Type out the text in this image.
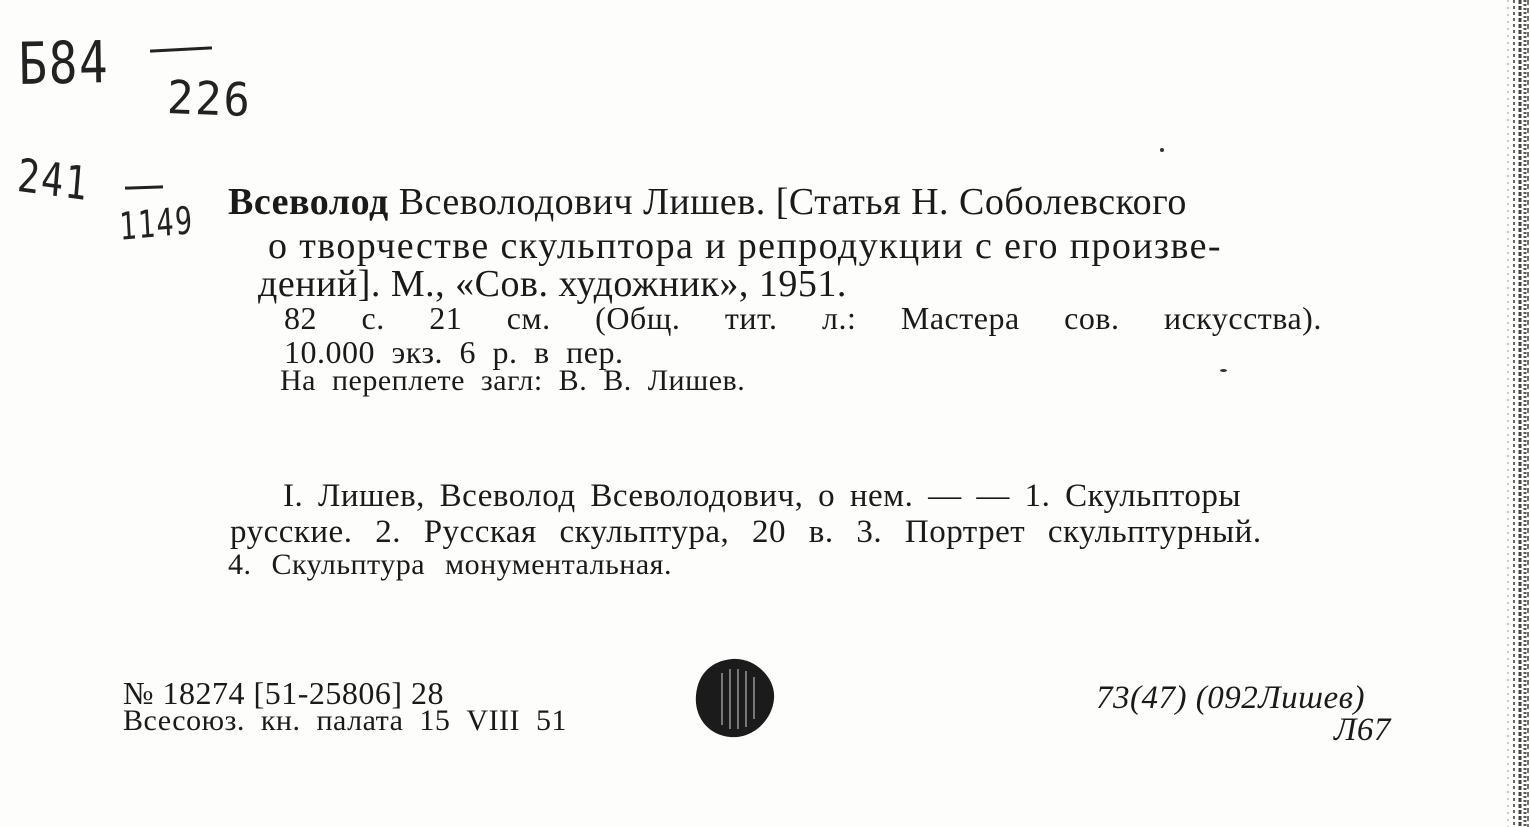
Б84
226
241
1149 Всеволод Всеволодович Лишев. [Статья Н. Соболевского
о творчестве скульптора и репродукции с его произве-
дений]. М., «Сов. художник», 1951.
82 с. 21 см. (Общ. тит. л.: Мастера сов. искусства).
10.000 экз. 6 р. в пер.
На переплете загл: В. В. Лишев.
I. Лишев, Всеволод Всеволодович, о нем. — — 1. Скульпторы
русские. 2. Русская скульптура, 20 в. 3. Портрет скульптурный.
4. Скульптура монументальная.
№ 18274 [51-25806] 28
Всесоюз. кн. палата 15 VIII 51
73(47) (092Лишев)
Л67
